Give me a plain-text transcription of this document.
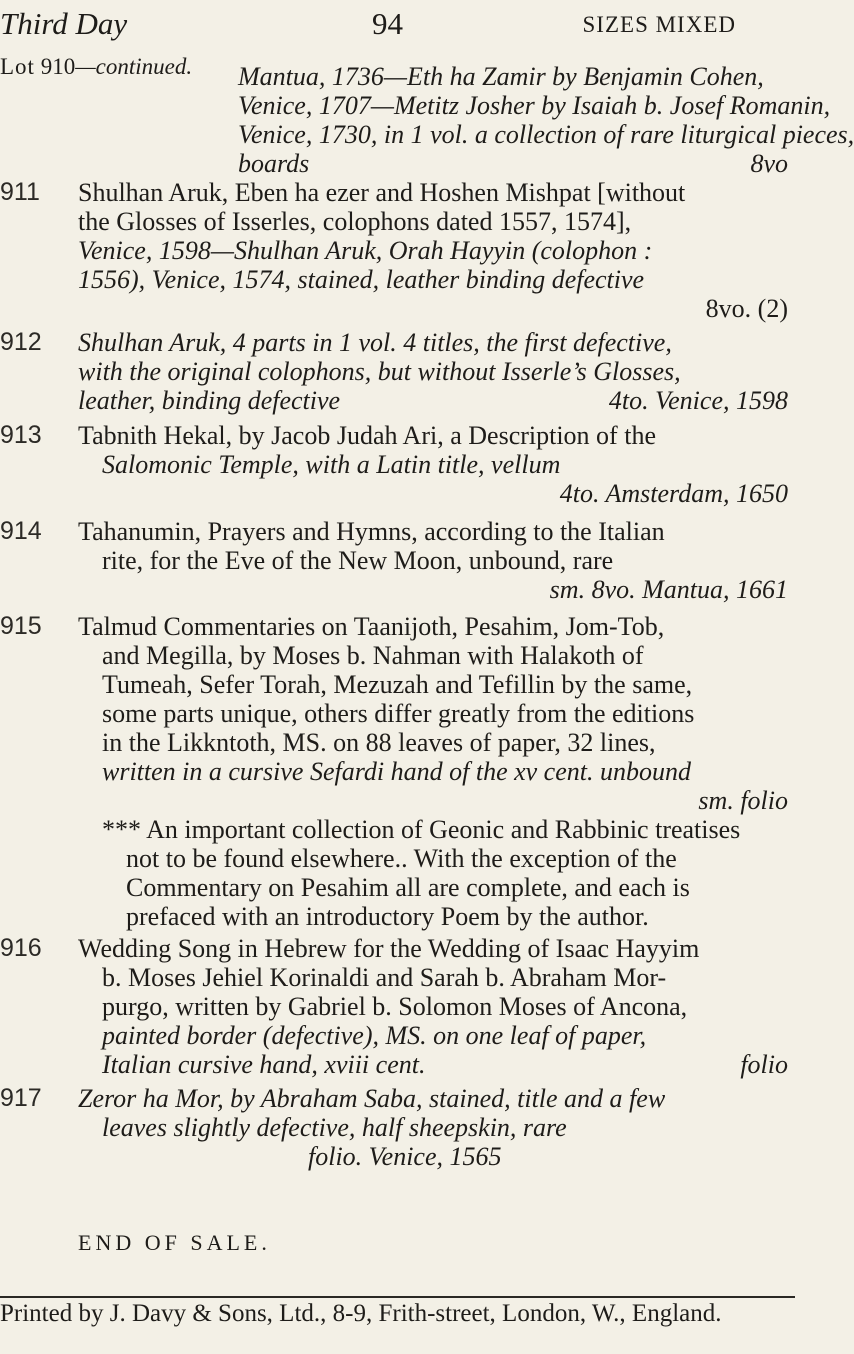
Third Day	94	SIZES MIXED
Lot 910—continued. Mantua, 1736—Eth ha Zamir by Benjamin Cohen,
Venice, 1707—Metitz Josher by Isaiah b. Josef Romanin,
Venice, 1730, in 1 vol. a collection of rare liturgical pieces,
boards	8vo
911 Shulhan Aruk, Eben ha ezer and Hoshen Mishpat [without
the Glosses of Isserles, colophons dated 1557, 1574],
Venice, 1598—Shulhan Aruk, Orah Hayyin (colophon :
1556), Venice, 1574, stained, leather binding defective
8vo. (2)
912 Shulhan Aruk, 4 parts in 1 vol. 4 titles, the first defective,
with the original colophons, but without Isserle’s Glosses,
leather, binding defective	4to. Venice, 1598
913 Tabnith Hekal, by Jacob Judah Ari, a Description of the
Salomonic Temple, with a Latin title, vellum
4to. Amsterdam, 1650
914 Tahanumin, Prayers and Hymns, according to the Italian
rite, for the Eve of the New Moon, unbound, rare
sm. 8vo. Mantua, 1661
915 Talmud Commentaries on Taanijoth, Pesahim, Jom-Tob,
and Megilla, by Moses b. Nahman with Halakoth of
Tumeah, Sefer Torah, Mezuzah and Tefillin by the same,
some parts unique, others differ greatly from the editions
in the Likkntoth, MS. on 88 leaves of paper, 32 lines,
written in a cursive Sefardi hand of the xv cent. unbound
sm. folio
*** An important collection of Geonic and Rabbinic treatises
not to be found elsewhere.. With the exception of the
Commentary on Pesahim all are complete, and each is
prefaced with an introductory Poem by the author.
916 Wedding Song in Hebrew for the Wedding of Isaac Hayyim
b. Moses Jehiel Korinaldi and Sarah b. Abraham Mor-
purgo, written by Gabriel b. Solomon Moses of Ancona,
painted border (defective), MS. on one leaf of paper,
Italian cursive hand, xviii cent.	folio
917 Zeror ha Mor, by Abraham Saba, stained, title and a few
leaves slightly defective, half sheepskin, rare
folio. Venice, 1565
END OF SALE.
Printed by J. Davy & Sons, Ltd., 8-9, Frith-street, London, W., England.
